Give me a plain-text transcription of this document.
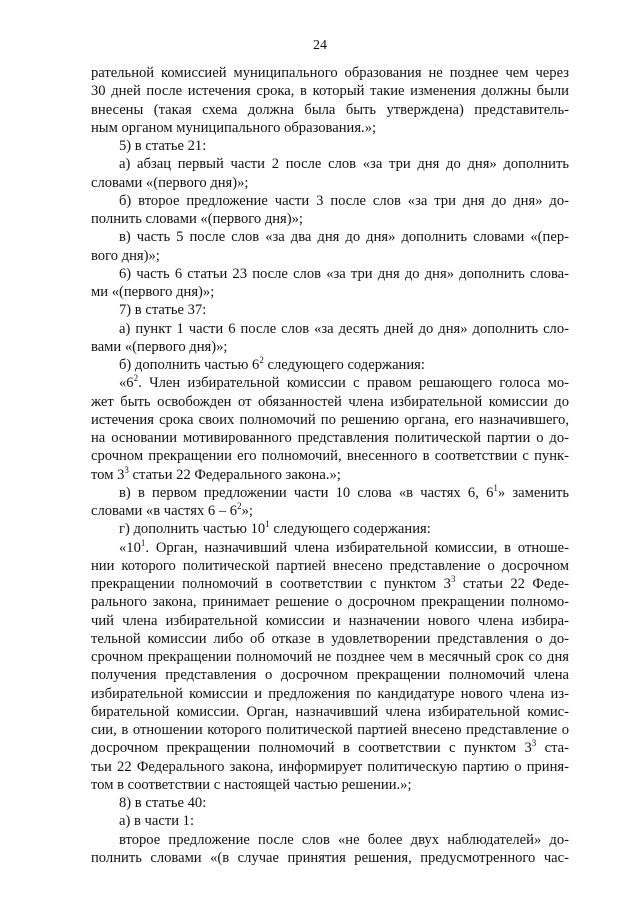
24
рательной комиссией муниципального образования не позднее чем через
30 дней после истечения срока, в который такие изменения должны были
внесены (такая схема должна была быть утверждена) представитель-
ным органом муниципального образования.»;
5) в статье 21:
а) абзац первый части 2 после слов «за три дня до дня» дополнить
словами «(первого дня)»;
б) второе предложение части 3 после слов «за три дня до дня» до-
полнить словами «(первого дня)»;
в) часть 5 после слов «за два дня до дня» дополнить словами «(пер-
вого дня)»;
6) часть 6 статьи 23 после слов «за три дня до дня» дополнить слова-
ми «(первого дня)»;
7) в статье 37:
а) пункт 1 части 6 после слов «за десять дней до дня» дополнить сло-
вами «(первого дня)»;
б) дополнить частью $6^2$ следующего содержания:
«$6^2$. Член избирательной комиссии с правом решающего голоса мо-
жет быть освобожден от обязанностей члена избирательной комиссии до
истечения срока своих полномочий по решению органа, его назначившего,
на основании мотивированного представления политической партии о до-
срочном прекращении его полномочий, внесенного в соответствии с пунк-
том $3^3$ статьи 22 Федерального закона.»;
в) в первом предложении части 10 слова «в частях 6, $6^1$» заменить
словами «в частях $6 - 6^2$»;
г) дополнить частью $10^1$ следующего содержания:
«$10^1$. Орган, назначивший члена избирательной комиссии, в отноше-
нии которого политической партией внесено представление о досрочном
прекращении полномочий в соответствии с пунктом $3^3$ статьи 22 Феде-
рального закона, принимает решение о досрочном прекращении полномо-
чий члена избирательной комиссии и назначении нового члена избира-
тельной комиссии либо об отказе в удовлетворении представления о до-
срочном прекращении полномочий не позднее чем в месячный срок со дня
получения представления о досрочном прекращении полномочий члена
избирательной комиссии и предложения по кандидатуре нового члена из-
бирательной комиссии. Орган, назначивший члена избирательной комис-
сии, в отношении которого политической партией внесено представление о
досрочном прекращении полномочий в соответствии с пунктом $3^3$ ста-
тьи 22 Федерального закона, информирует политическую партию о приня-
том в соответствии с настоящей частью решении.»;
8) в статье 40:
а) в части 1:
второе предложение после слов «не более двух наблюдателей» до-
полнить словами «(в случае принятия решения, предусмотренного час-
